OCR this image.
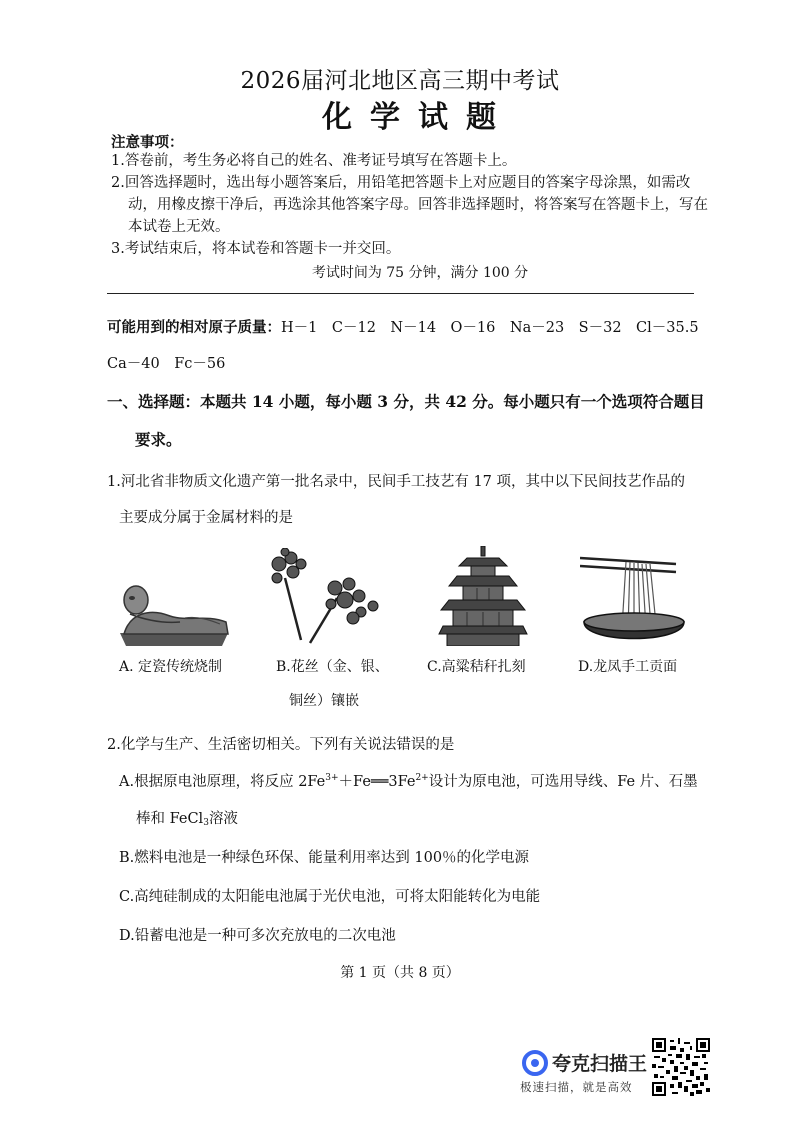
2026届河北地区高三期中考试
化学试题
注意事项：
1.答卷前，考生务必将自己的姓名、准考证号填写在答题卡上。
2.回答选择题时，选出每小题答案后，用铅笔把答题卡上对应题目的答案字母涂黑，如需改
动，用橡皮擦干净后，再选涂其他答案字母。回答非选择题时，将答案写在答题卡上，写在
本试卷上无效。
3.考试结束后，将本试卷和答题卡一并交回。
考试时间为 75 分钟，满分 100 分
可能用到的相对原子质量：H－1　C－12　N－14　O－16　Na－23　S－32　Cl－35.5
Ca－40　Fc－56
一、选择题：本题共 14 小题，每小题 3 分，共 42 分。每小题只有一个选项符合题目
要求。
1.河北省非物质文化遗产第一批名录中，民间手工技艺有 17 项，其中以下民间技艺作品的
主要成分属于金属材料的是
A. 定瓷传统烧制	B.花丝（金、银、
铜丝）镶嵌
C.高粱秸秆扎刻	D.龙凤手工贡面
2.化学与生产、生活密切相关。下列有关说法错误的是
A.根据原电池原理，将反应 $2Fe^{3+}+Fe══3Fe^{2+}$设计为原电池，可选用导线、Fe 片、石墨
棒和 FeCl$_3$溶液
B.燃料电池是一种绿色环保、能量利用率达到 100％的化学电源
C.高纯硅制成的太阳能电池属于光伏电池，可将太阳能转化为电能
D.铅蓄电池是一种可多次充放电的二次电池
第 1 页（共 8 页）
夸克扫描王
极速扫描，就是高效
